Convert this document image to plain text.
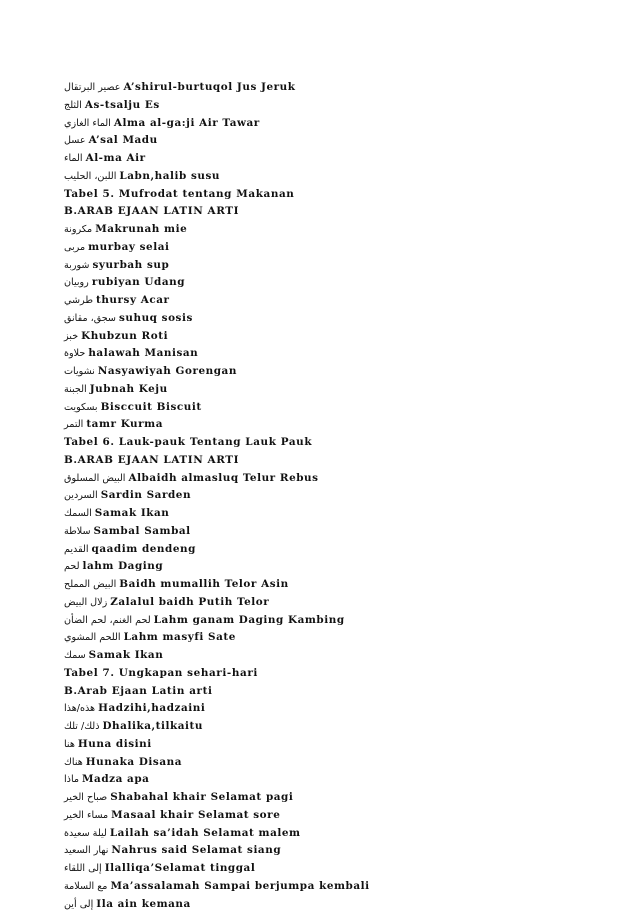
عصير البرتقال A’shirul-burtuqol Jus Jeruk
الثلج As-tsalju Es
الماء الغازي Alma al-ga:ji Air Tawar
عسل A’sal Madu
الماء Al-ma Air
اللبن، الحليب Labn,halib susu
Tabel 5. Mufrodat tentang Makanan
B.ARAB EJAAN LATIN ARTI
مكرونة Makrunah mie
مربى murbay selai
شوربة syurbah sup
روبيان rubiyan Udang
طرشي thursy Acar
سجق، مقانق suhuq sosis
خبز Khubzun Roti
حلاوة halawah Manisan
نشويات Nasyawiyah Gorengan
الجبنة Jubnah Keju
بسكويت Bisccuit Biscuit
التمر tamr Kurma
Tabel 6. Lauk-pauk Tentang Lauk Pauk
B.ARAB EJAAN LATIN ARTI
البيض المسلوق Albaidh almasluq Telur Rebus
السردين Sardin Sarden
السمك Samak Ikan
سلاطة Sambal Sambal
القديم qaadim dendeng
لحم lahm Daging
البيض المملح Baidh mumallih Telor Asin
زلال البيض Zalalul baidh Putih Telor
لحم الغنم، لحم الضأن Lahm ganam Daging Kambing
اللحم المشوي Lahm masyfi Sate
سمك Samak Ikan
Tabel 7. Ungkapan sehari-hari
B.Arab Ejaan Latin arti
هذه/هذا Hadzihi,hadzaini
ذلك/ تلك Dhalika,tilkaitu
هنا Huna disini
هناك Hunaka Disana
ماذا Madza apa
صباح الخير Shabahal khair Selamat pagi
مساء الخير Masaal khair Selamat sore
ليلة سعيدة Lailah sa’idah Selamat malem
نهار السعيد Nahrus said Selamat siang
إلى اللقاء Ilalliqa’Selamat tinggal
مع السلامة Ma’assalamah Sampai berjumpa kembali
إلى أين Ila ain kemana
